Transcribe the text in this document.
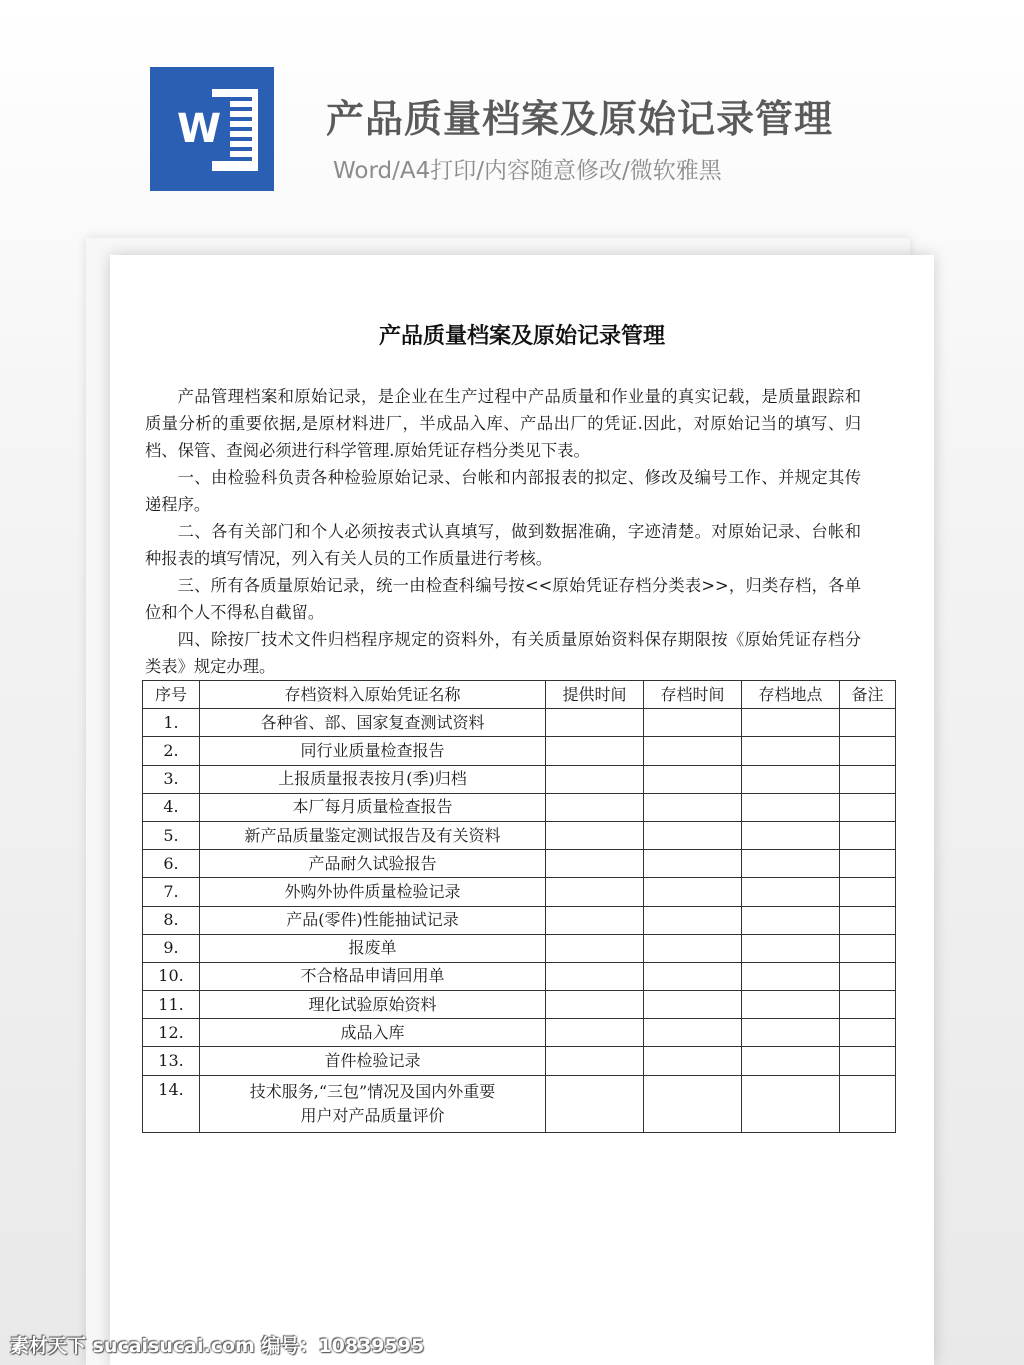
W	产品质量档案及原始记录管理
Word/A4打印/内容随意修改/微软雅黑
产品质量档案及原始记录管理

产品管理档案和原始记录，是企业在生产过程中产品质量和作业量的真实记载，是质量跟踪和质量分析的重要依据,是原材料进厂，半成品入库、产品出厂的凭证.因此，对原始记当的填写、归档、保管、查阅必须进行科学管理.原始凭证存档分类见下表。

一、由检验科负责各种检验原始记录、台帐和内部报表的拟定、修改及编号工作、并规定其传递程序。

二、各有关部门和个人必须按表式认真填写，做到数据准确，字迹清楚。对原始记录、台帐和种报表的填写情况，列入有关人员的工作质量进行考核。

三、所有各质量原始记录，统一由检查科编号按<<原始凭证存档分类表>>，归类存档，各单位和个人不得私自截留。

四、除按厂技术文件归档程序规定的资料外，有关质量原始资料保存期限按《原始凭证存档分类表》规定办理。

序号	存档资料入原始凭证名称	提供时间	存档时间	存档地点	备注
1.	各种省、部、国家复查测试资料				
2.	同行业质量检查报告				
3.	上报质量报表按月(季)归档				
4.	本厂每月质量检查报告				
5.	新产品质量鉴定测试报告及有关资料				
6.	产品耐久试验报告				
7.	外购外协件质量检验记录				
8.	产品(零件)性能抽试记录				
9.	报废单				
10.	不合格品申请回用单				
11.	理化试验原始资料				
12.	成品入库				
13.	首件检验记录				
14.	技术服务,“三包”情况及国内外重要
用户对产品质量评价				

素材天下 sucaisucai.com 编号：10839595
